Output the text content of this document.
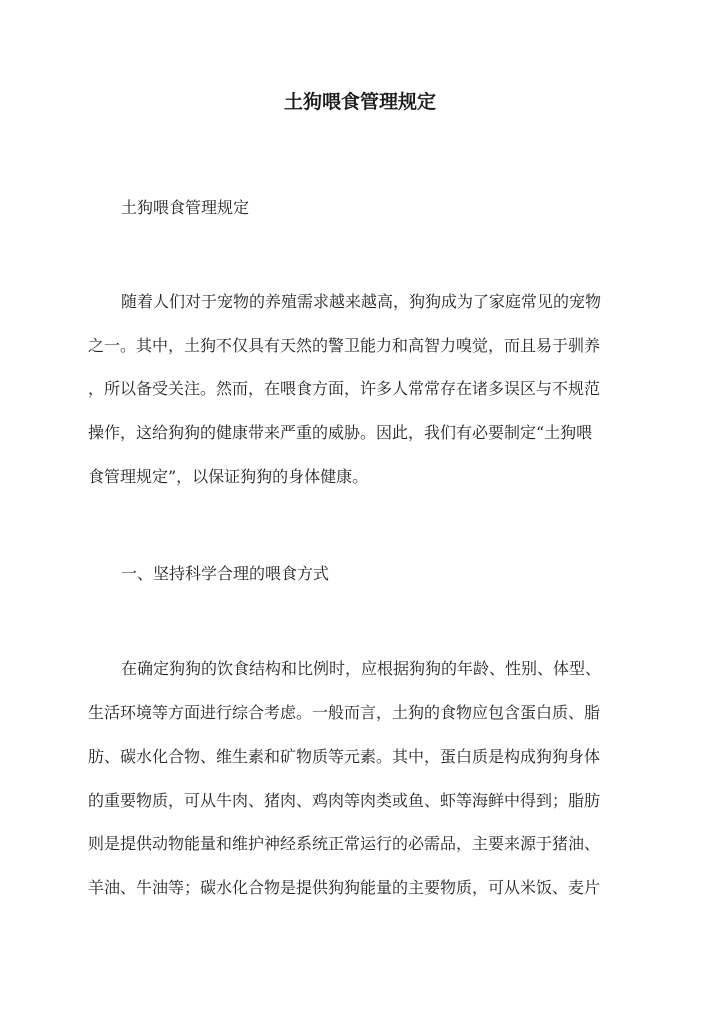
土狗喂食管理规定
土狗喂食管理规定
随着人们对于宠物的养殖需求越来越高，狗狗成为了家庭常见的宠物
之一。其中，土狗不仅具有天然的警卫能力和高智力嗅觉，而且易于驯养
，所以备受关注。然而，在喂食方面，许多人常常存在诸多误区与不规范
操作，这给狗狗的健康带来严重的威胁。因此，我们有必要制定“土狗喂
食管理规定”，以保证狗狗的身体健康。
一、坚持科学合理的喂食方式
在确定狗狗的饮食结构和比例时，应根据狗狗的年龄、性别、体型、
生活环境等方面进行综合考虑。一般而言，土狗的食物应包含蛋白质、脂
肪、碳水化合物、维生素和矿物质等元素。其中，蛋白质是构成狗狗身体
的重要物质，可从牛肉、猪肉、鸡肉等肉类或鱼、虾等海鲜中得到；脂肪
则是提供动物能量和维护神经系统正常运行的必需品，主要来源于猪油、
羊油、牛油等；碳水化合物是提供狗狗能量的主要物质，可从米饭、麦片
